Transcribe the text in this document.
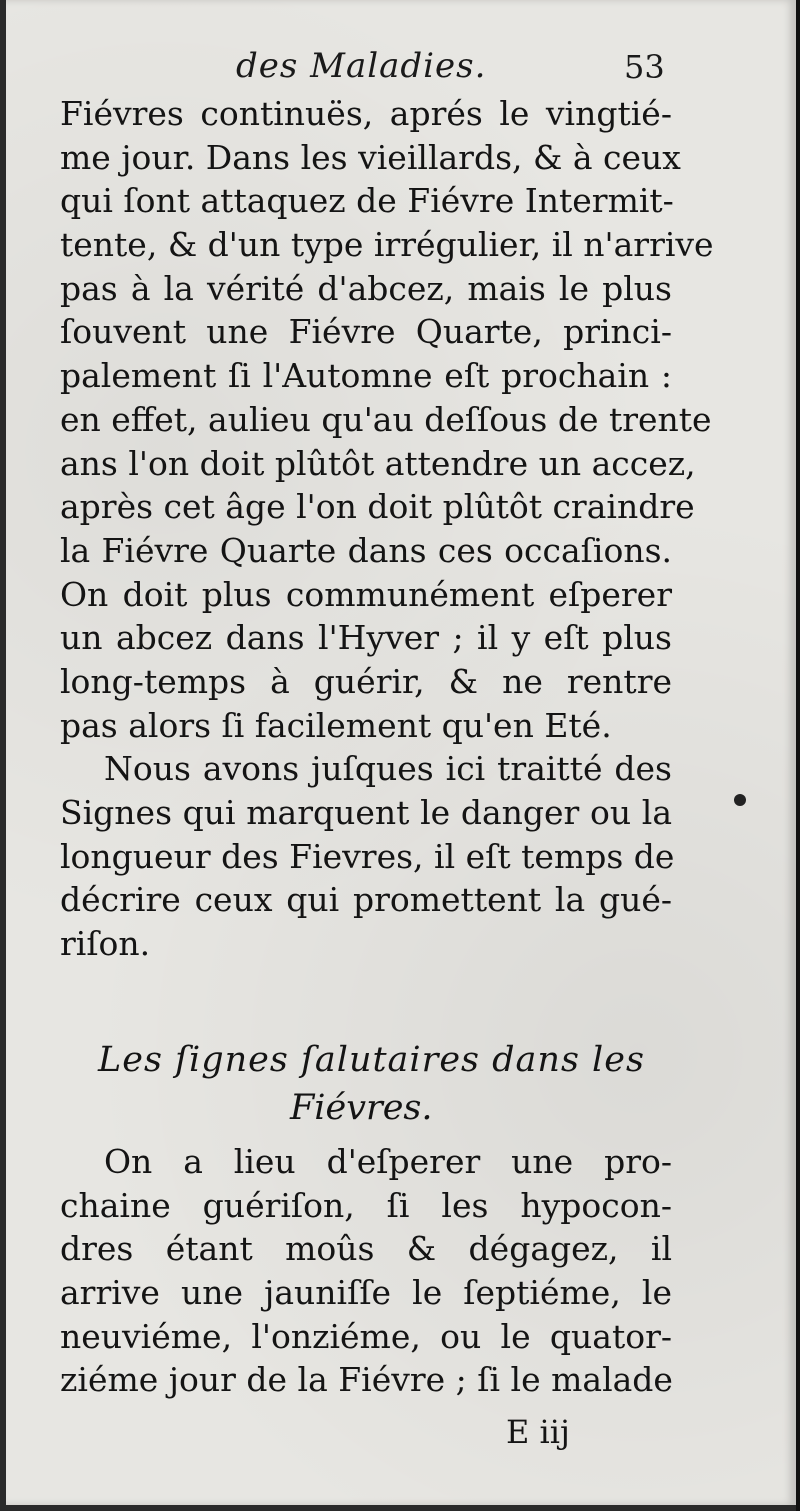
des Maladies.	53
Fiévres continuës, aprés le vingtié-
me jour. Dans les vieillards, & à ceux
qui ſont attaquez de Fiévre Intermit-
tente, & d'un type irrégulier, il n'arrive
pas à la vérité d'abcez, mais le plus
ſouvent une Fiévre Quarte, princi-
palement ſi l'Automne eſt prochain :
en effet, aulieu qu'au deſſous de trente
ans l'on doit plûtôt attendre un accez,
après cet âge l'on doit plûtôt craindre
la Fiévre Quarte dans ces occaſions.
On doit plus communément eſperer
un abcez dans l'Hyver ; il y eſt plus
long-temps à guérir, & ne rentre
pas alors ſi facilement qu'en Eté.
Nous avons juſques ici traitté des
Signes qui marquent le danger ou la
longueur des Fievres, il eſt temps de
décrire ceux qui promettent la gué-
riſon.
Les ſignes ſalutaires dans les
Fiévres.
On a lieu d'eſperer une pro-
chaine guériſon, ſi les hypocon-
dres étant moûs & dégagez, il
arrive une jauniſſe le ſeptiéme, le
neuviéme, l'onziéme, ou le quator-
ziéme jour de la Fiévre ; ſi le malade
E iij
